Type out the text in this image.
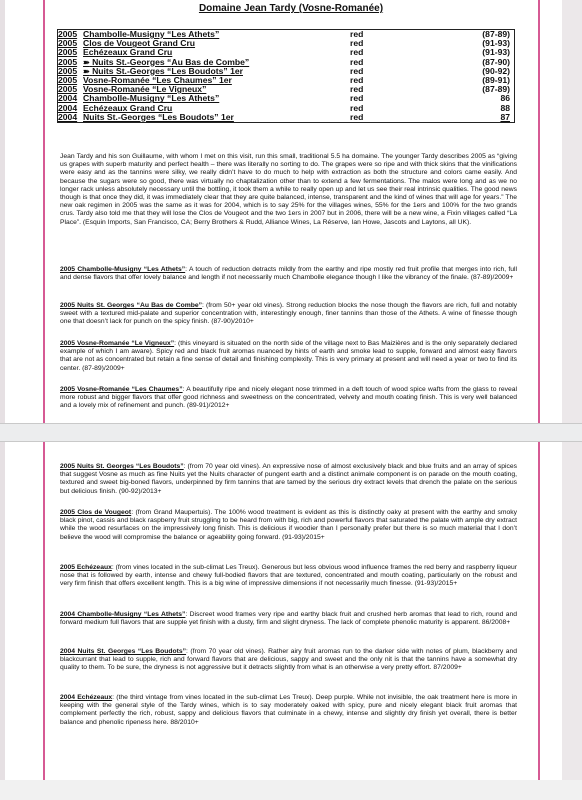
Domaine Jean Tardy (Vosne-Romanée)
2005 Chambolle-Musigny “Les Athets”	red	(87-89)
2005 Clos de Vougeot Grand Cru	red	(91-93)
2005 Echézeaux Grand Cru	red	(91-93)
2005 ➽ Nuits St.-Georges “Au Bas de Combe”	red	(87-90)
2005 ➽ Nuits St.-Georges “Les Boudots” 1er	red	(90-92)
2005 Vosne-Romanée “Les Chaumes” 1er	red	(89-91)
2005 Vosne-Romanée “Le Vigneux”	red	(87-89)
2004 Chambolle-Musigny “Les Athets”	red	86
2004 Echézeaux Grand Cru	red	88
2004 Nuits St.-Georges “Les Boudots” 1er	red	87
Jean Tardy and his son Guillaume, with whom I met on this visit, run this small, traditional 5.5 ha domaine. The younger Tardy describes 2005 as “giving us grapes with superb maturity and perfect health – there was literally no sorting to do. The grapes were so ripe and with thick skins that the vinifications were easy and as the tannins were silky, we really didn’t have to do much to help with extraction as both the structure and colors came easily. And because the sugars were so good, there was virtually no chaptalization other than to extend a few fermentations. The malos were long and as we no longer rack unless absolutely necessary until the bottling, it took them a while to really open up and let us see their real intrinsic qualities. The good news though is that once they did, it was immediately clear that they are quite balanced, intense, transparent and the kind of wines that will age for years.” The new oak regimen in 2005 was the same as it was for 2004, which is to say 25% for the villages wines, 55% for the 1ers and 100% for the two grands crus. Tardy also told me that they will lose the Clos de Vougeot and the two 1ers in 2007 but in 2006, there will be a new wine, a Fixin villages called “La Place”. (Esquin Imports, San Francisco, CA; Berry Brothers & Rudd, Alliance Wines, La Réserve, Ian Howe, Jascots and Laytons, all UK).
2005 Chambolle-Musigny “Les Athets”: A touch of reduction detracts mildly from the earthy and ripe mostly red fruit profile that merges into rich, full and dense flavors that offer lovely balance and length if not necessarily much Chambolle elegance though I like the vibrancy of the finale. (87-89)/2009+
2005 Nuits St. Georges “Au Bas de Combe”: (from 50+ year old vines). Strong reduction blocks the nose though the flavors are rich, full and notably sweet with a textured mid-palate and superior concentration with, interestingly enough, finer tannins than those of the Athets. A wine of finesse though one that doesn’t lack for punch on the spicy finish. (87-90)/2010+
2005 Vosne-Romanée “Le Vigneux”: (this vineyard is situated on the north side of the village next to Bas Maizières and is the only separately declared example of which I am aware). Spicy red and black fruit aromas nuanced by hints of earth and smoke lead to supple, forward and almost easy flavors that are not as concentrated but retain a fine sense of detail and finishing complexity. This is very primary at present and will need a year or two to find its center. (87-89)/2009+
2005 Vosne-Romanée “Les Chaumes”: A beautifully ripe and nicely elegant nose trimmed in a deft touch of wood spice wafts from the glass to reveal more robust and bigger flavors that offer good richness and sweetness on the concentrated, velvety and mouth coating finish. This is very well balanced and a lovely mix of refinement and punch. (89-91)/2012+
2005 Nuits St. Georges “Les Boudots”: (from 70 year old vines). An expressive nose of almost exclusively black and blue fruits and an array of spices that suggest Vosne as much as fine Nuits yet the Nuits character of pungent earth and a distinct animale component is on parade on the mouth coating, textured and sweet big-boned flavors, underpinned by firm tannins that are tamed by the serious dry extract levels that drench the palate on the serious but delicious finish. (90-92)/2013+
2005 Clos de Vougeot: (from Grand Maupertuis). The 100% wood treatment is evident as this is distinctly oaky at present with the earthy and smoky black pinot, cassis and black raspberry fruit struggling to be heard from with big, rich and powerful flavors that saturated the palate with ample dry extract while the wood resurfaces on the impressively long finish. This is delicious if woodier than I personally prefer but there is so much material that I don’t believe the wood will compromise the balance or ageability going forward. (91-93)/2015+
2005 Echézeaux: (from vines located in the sub-climat Les Treux). Generous but less obvious wood influence frames the red berry and raspberry liqueur nose that is followed by earth, intense and chewy full-bodied flavors that are textured, concentrated and mouth coating, particularly on the robust and very firm finish that offers excellent length. This is a big wine of impressive dimensions if not necessarily much finesse. (91-93)/2015+
2004 Chambolle-Musigny “Les Athets”: Discreet wood frames very ripe and earthy black fruit and crushed herb aromas that lead to rich, round and forward medium full flavors that are supple yet finish with a dusty, firm and slight dryness. The lack of complete phenolic maturity is apparent. 86/2008+
2004 Nuits St. Georges “Les Boudots”: (from 70 year old vines). Rather airy fruit aromas run to the darker side with notes of plum, blackberry and blackcurrant that lead to supple, rich and forward flavors that are delicious, sappy and sweet and the only nit is that the tannins have a somewhat dry quality to them. To be sure, the dryness is not aggressive but it detracts slightly from what is an otherwise a very pretty effort. 87/2009+
2004 Echézeaux: (the third vintage from vines located in the sub-climat Les Treux). Deep purple. While not invisible, the oak treatment here is more in keeping with the general style of the Tardy wines, which is to say moderately oaked with spicy, pure and nicely elegant black fruit aromas that complement perfectly the rich, robust, sappy and delicious flavors that culminate in a chewy, intense and slightly dry finish yet overall, there is better balance and phenolic ripeness here. 88/2010+
